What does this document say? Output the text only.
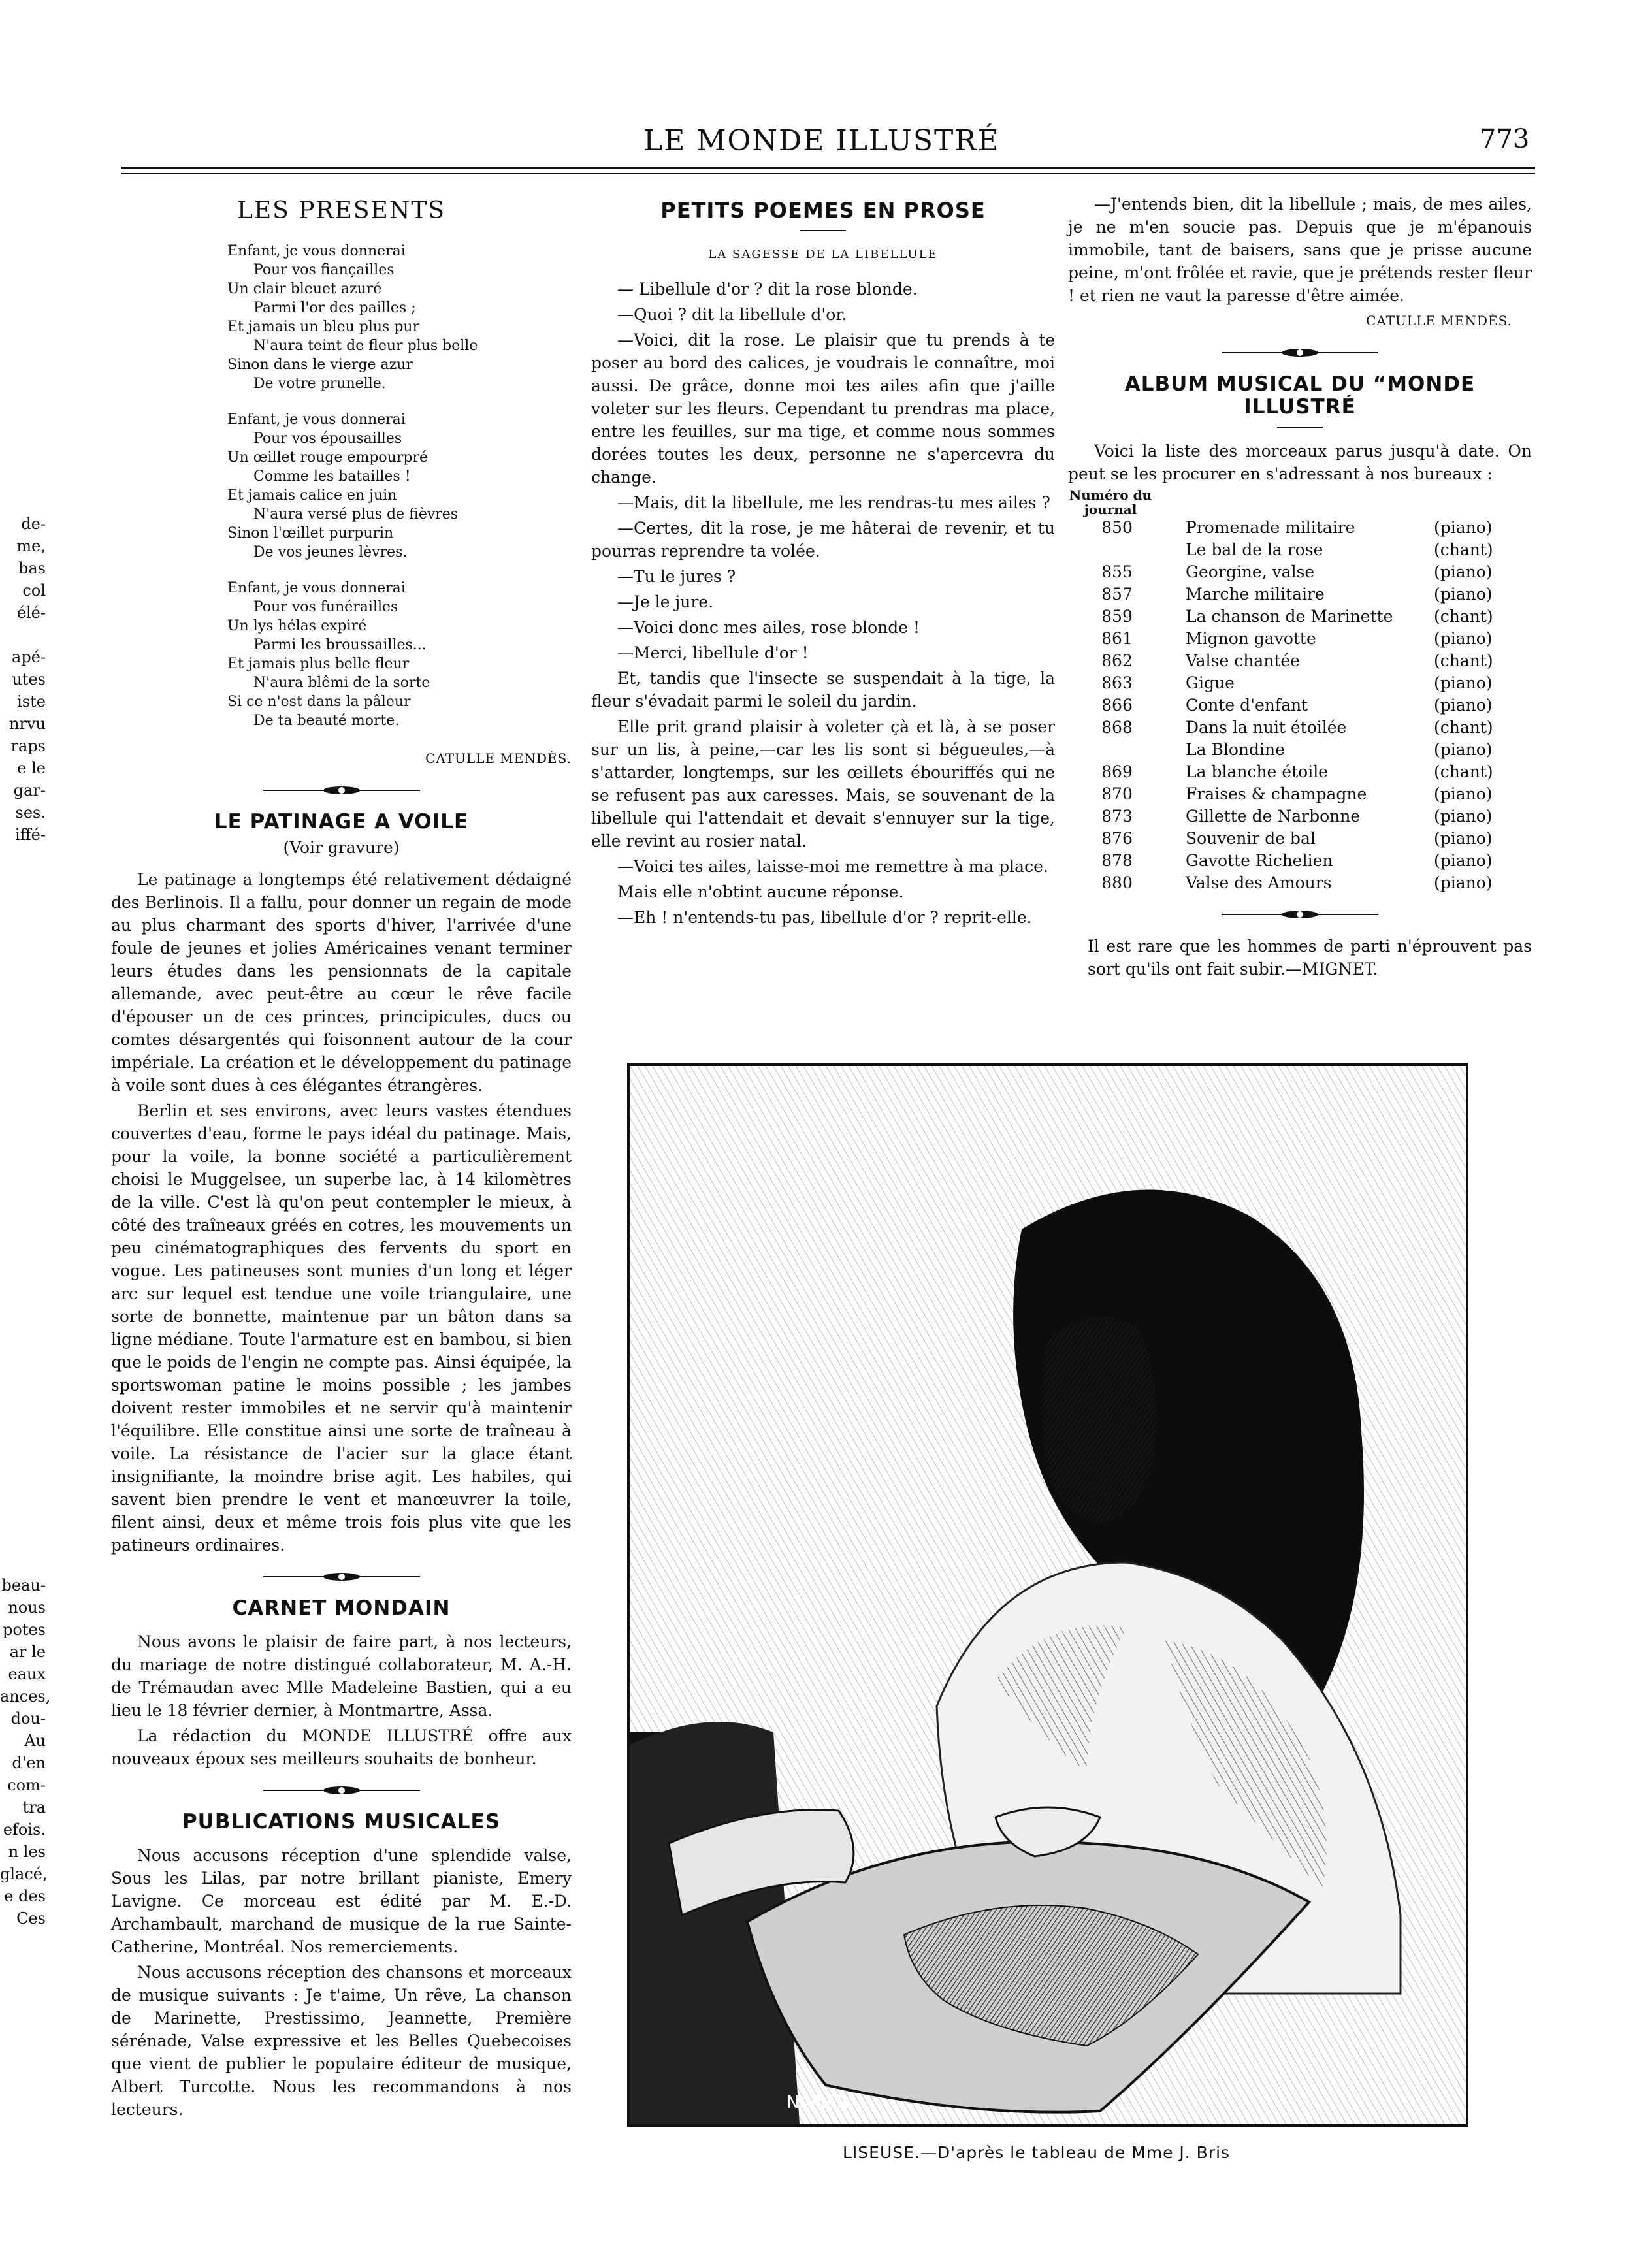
LE MONDE ILLUSTRÉ	773
de-
me,
bas
col
élé-
apé-
utes
iste
nrvu
raps
e le
gar-
ses.
iffé-
beau-
nous
potes
ar le
eaux
ances,
dou-
Au
d'en
com-
tra
efois.
n les
glacé,
e des
Ces
LES PRESENTS
Enfant, je vous donnerai
Pour vos fiançailles
Un clair bleuet azuré
Parmi l'or des pailles ;
Et jamais un bleu plus pur
N'aura teint de fleur plus belle
Sinon dans le vierge azur
De votre prunelle.
Enfant, je vous donnerai
Pour vos épousailles
Un œillet rouge empourpré
Comme les batailles !
Et jamais calice en juin
N'aura versé plus de fièvres
Sinon l'œillet purpurin
De vos jeunes lèvres.
Enfant, je vous donnerai
Pour vos funérailles
Un lys hélas expiré
Parmi les broussailles...
Et jamais plus belle fleur
N'aura blêmi de la sorte
Si ce n'est dans la pâleur
De ta beauté morte.
CATULLE MENDÈS.
LE PATINAGE A VOILE
(Voir gravure)

Le patinage a longtemps été relativement dédaigné des Berlinois. Il a fallu, pour donner un regain de mode au plus charmant des sports d'hiver, l'arrivée d'une foule de jeunes et jolies Américaines venant terminer leurs études dans les pensionnats de la capitale allemande, avec peut-être au cœur le rêve facile d'épouser un de ces princes, principicules, ducs ou comtes désargentés qui foisonnent autour de la cour impériale. La création et le développement du patinage à voile sont dues à ces élégantes étrangères.

Berlin et ses environs, avec leurs vastes étendues couvertes d'eau, forme le pays idéal du patinage. Mais, pour la voile, la bonne société a particulièrement choisi le Muggelsee, un superbe lac, à 14 kilomètres de la ville. C'est là qu'on peut contempler le mieux, à côté des traîneaux gréés en cotres, les mouvements un peu cinématographiques des fervents du sport en vogue. Les patineuses sont munies d'un long et léger arc sur lequel est tendue une voile triangulaire, une sorte de bonnette, maintenue par un bâton dans sa ligne médiane. Toute l'armature est en bambou, si bien que le poids de l'engin ne compte pas. Ainsi équipée, la sportswoman patine le moins possible ; les jambes doivent rester immobiles et ne servir qu'à maintenir l'équilibre. Elle constitue ainsi une sorte de traîneau à voile. La résistance de l'acier sur la glace étant insignifiante, la moindre brise agit. Les habiles, qui savent bien prendre le vent et manœuvrer la toile, filent ainsi, deux et même trois fois plus vite que les patineurs ordinaires.

CARNET MONDAIN

Nous avons le plaisir de faire part, à nos lecteurs, du mariage de notre distingué collaborateur, M. A.-H. de Trémaudan avec Mlle Madeleine Bastien, qui a eu lieu le 18 février dernier, à Montmartre, Assa.

La rédaction du MONDE ILLUSTRÉ offre aux nouveaux époux ses meilleurs souhaits de bonheur.

PUBLICATIONS MUSICALES

Nous accusons réception d'une splendide valse, Sous les Lilas, par notre brillant pianiste, Emery Lavigne. Ce morceau est édité par M. E.-D. Archambault, marchand de musique de la rue Sainte-Catherine, Montréal. Nos remerciements.

Nous accusons réception des chansons et morceaux de musique suivants : Je t'aime, Un rêve, La chanson de Marinette, Prestissimo, Jeannette, Première sérénade, Valse expressive et les Belles Quebecoises que vient de publier le populaire éditeur de musique, Albert Turcotte. Nous les recommandons à nos lecteurs.

PETITS POEMES EN PROSE
LA SAGESSE DE LA LIBELLULE

— Libellule d'or ? dit la rose blonde.

—Quoi ? dit la libellule d'or.

—Voici, dit la rose. Le plaisir que tu prends à te poser au bord des calices, je voudrais le connaître, moi aussi. De grâce, donne moi tes ailes afin que j'aille voleter sur les fleurs. Cependant tu prendras ma place, entre les feuilles, sur ma tige, et comme nous sommes dorées toutes les deux, personne ne s'apercevra du change.

—Mais, dit la libellule, me les rendras-tu mes ailes ?

—Certes, dit la rose, je me hâterai de revenir, et tu pourras reprendre ta volée.

—Tu le jures ?

—Je le jure.

—Voici donc mes ailes, rose blonde !

—Merci, libellule d'or !

Et, tandis que l'insecte se suspendait à la tige, la fleur s'évadait parmi le soleil du jardin.

Elle prit grand plaisir à voleter çà et là, à se poser sur un lis, à peine,—car les lis sont si bégueules,—à s'attarder, longtemps, sur les œillets ébouriffés qui ne se refusent pas aux caresses. Mais, se souvenant de la libellule qui l'attendait et devait s'ennuyer sur la tige, elle revint au rosier natal.

—Voici tes ailes, laisse-moi me remettre à ma place.

Mais elle n'obtint aucune réponse.

—Eh ! n'entends-tu pas, libellule d'or ? reprit-elle.

—J'entends bien, dit la libellule ; mais, de mes ailes, je ne m'en soucie pas. Depuis que je m'épanouis immobile, tant de baisers, sans que je prisse aucune peine, m'ont frôlée et ravie, que je prétends rester fleur ! et rien ne vaut la paresse d'être aimée.

CATULLE MENDÈS.
ALBUM MUSICAL DU “MONDE ILLUSTRÉ

Voici la liste des morceaux parus jusqu'à date. On peut se les procurer en s'adressant à nos bureaux :

Numéro du journal
850	Promenade militaire	(piano)
	Le bal de la rose	(chant)
855	Georgine, valse	(piano)
857	Marche militaire	(piano)
859	La chanson de Marinette	(chant)
861	Mignon gavotte	(piano)
862	Valse chantée	(chant)
863	Gigue	(piano)
866	Conte d'enfant	(piano)
868	Dans la nuit étoilée	(chant)
	La Blondine	(piano)
869	La blanche étoile	(chant)
870	Fraises & champagne	(piano)
873	Gillette de Narbonne	(piano)
876	Souvenir de bal	(piano)
878	Gavotte Richelien	(piano)
880	Valse des Amours	(piano)

Il est rare que les hommes de parti n'éprouvent pas sort qu'ils ont fait subir.—MIGNET.

NAPIER
LISEUSE.—D'après le tableau de Mme J. Bris
